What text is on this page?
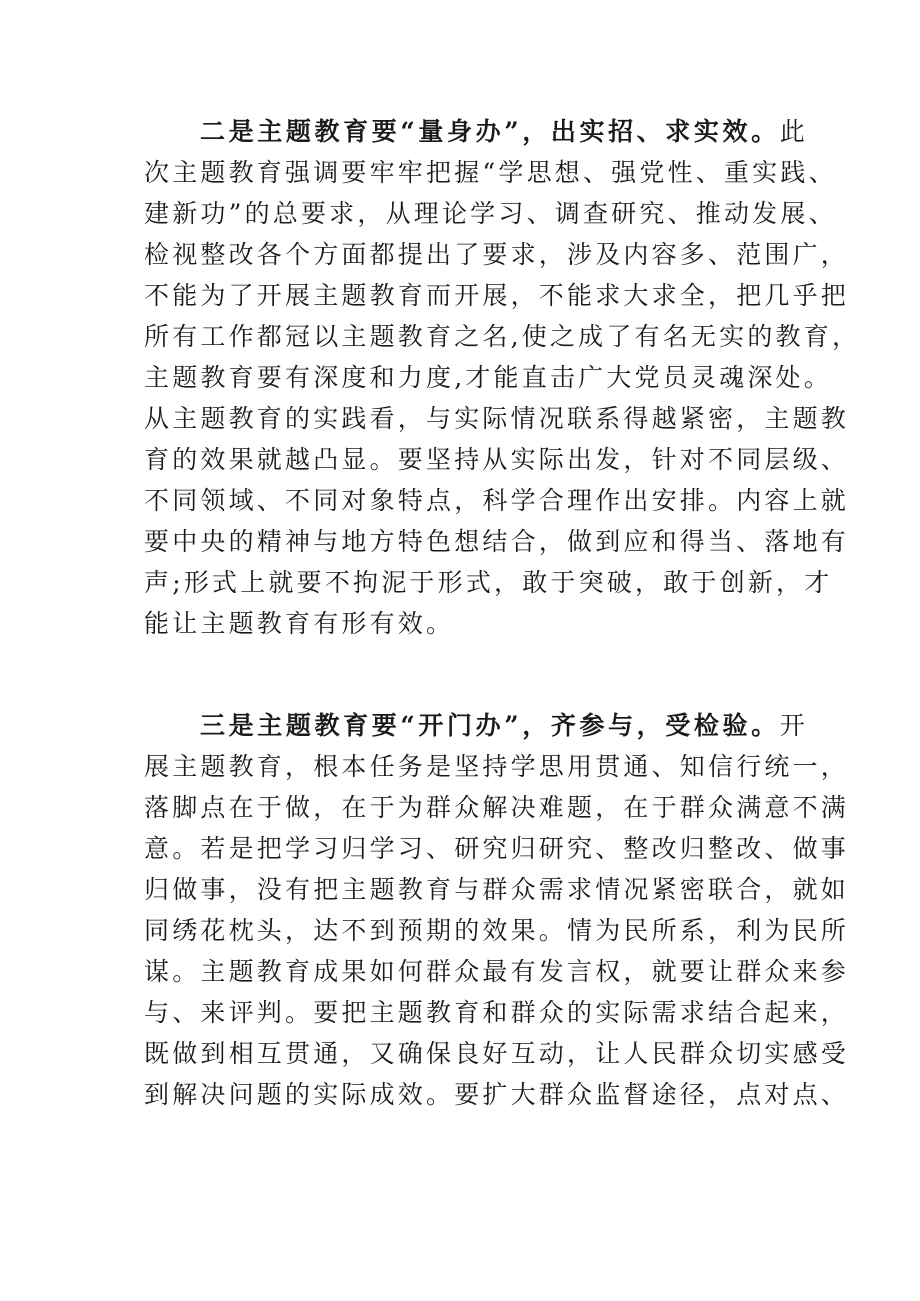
二是主题教育要“量身办”，出实招、求实效。此
次主题教育强调要牢牢把握“学思想、强党性、重实践、
建新功”的总要求，从理论学习、调查研究、推动发展、
检视整改各个方面都提出了要求，涉及内容多、范围广，
不能为了开展主题教育而开展，不能求大求全，把几乎把
所有工作都冠以主题教育之名,使之成了有名无实的教育，
主题教育要有深度和力度,才能直击广大党员灵魂深处。
从主题教育的实践看，与实际情况联系得越紧密，主题教
育的效果就越凸显。要坚持从实际出发，针对不同层级、
不同领域、不同对象特点，科学合理作出安排。内容上就
要中央的精神与地方特色想结合，做到应和得当、落地有
声;形式上就要不拘泥于形式，敢于突破，敢于创新，才
能让主题教育有形有效。
三是主题教育要“开门办”，齐参与，受检验。开
展主题教育，根本任务是坚持学思用贯通、知信行统一，
落脚点在于做，在于为群众解决难题，在于群众满意不满
意。若是把学习归学习、研究归研究、整改归整改、做事
归做事，没有把主题教育与群众需求情况紧密联合，就如
同绣花枕头，达不到预期的效果。情为民所系，利为民所
谋。主题教育成果如何群众最有发言权，就要让群众来参
与、来评判。要把主题教育和群众的实际需求结合起来，
既做到相互贯通，又确保良好互动，让人民群众切实感受
到解决问题的实际成效。要扩大群众监督途径，点对点、
